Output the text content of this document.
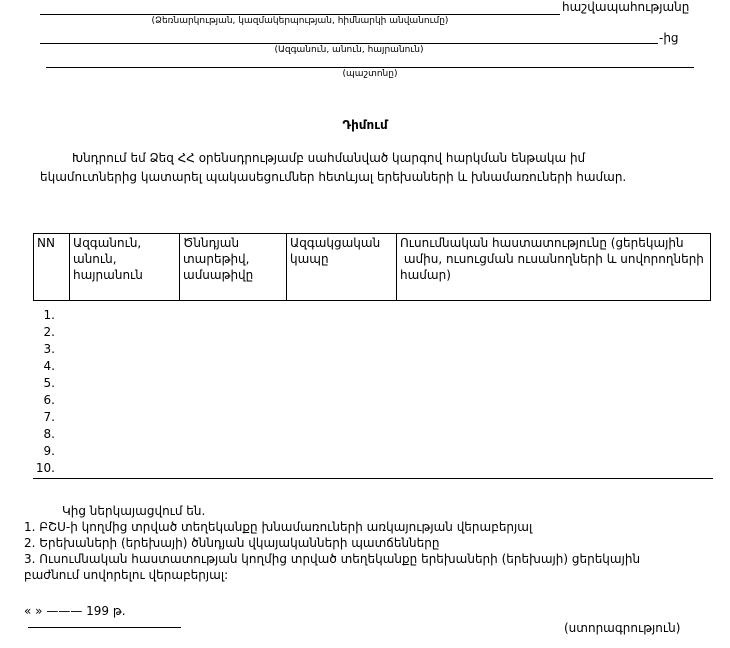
հաշվապահությանը
(Ձեռնարկության, կազմակերպության, հիմնարկի անվանումը)
-ից
(Ազգանուն, անուն, հայրանուն)
(պաշտոնը)
Դիմում
Խնդրում եմ Ձեզ ՀՀ օրենսդրությամբ սահմանված կարգով հարկման ենթակա իմ
եկամուտներից կատարել պակասեցումներ հետևյալ երեխաների և խնամառուների համար.
NN	Ազգանուն, անուն, հայրանուն	Ծննդյան տարեթիվ, ամսաթիվը	Ազգակցական կապը	Ուսումնական հաստատությունը (ցերեկային
ամիս, ուսուցման ուսանողների և սովորողների համար)
1.
2.
3.
4.
5.
6.
7.
8.
9.
10.
Կից ներկայացվում են.
1. ԲՇՍ-ի կողմից տրված տեղեկանքը խնամառուների առկայության վերաբերյալ
2. Երեխաների (երեխայի) ծննդյան վկայականների պատճենները
3. Ուսումնական հաստատության կողմից տրված տեղեկանքը երեխաների (երեխայի) ցերեկային
բաժնում սովորելու վերաբերյալ:
« » ——— 199 թ.
(ստորագրություն)
